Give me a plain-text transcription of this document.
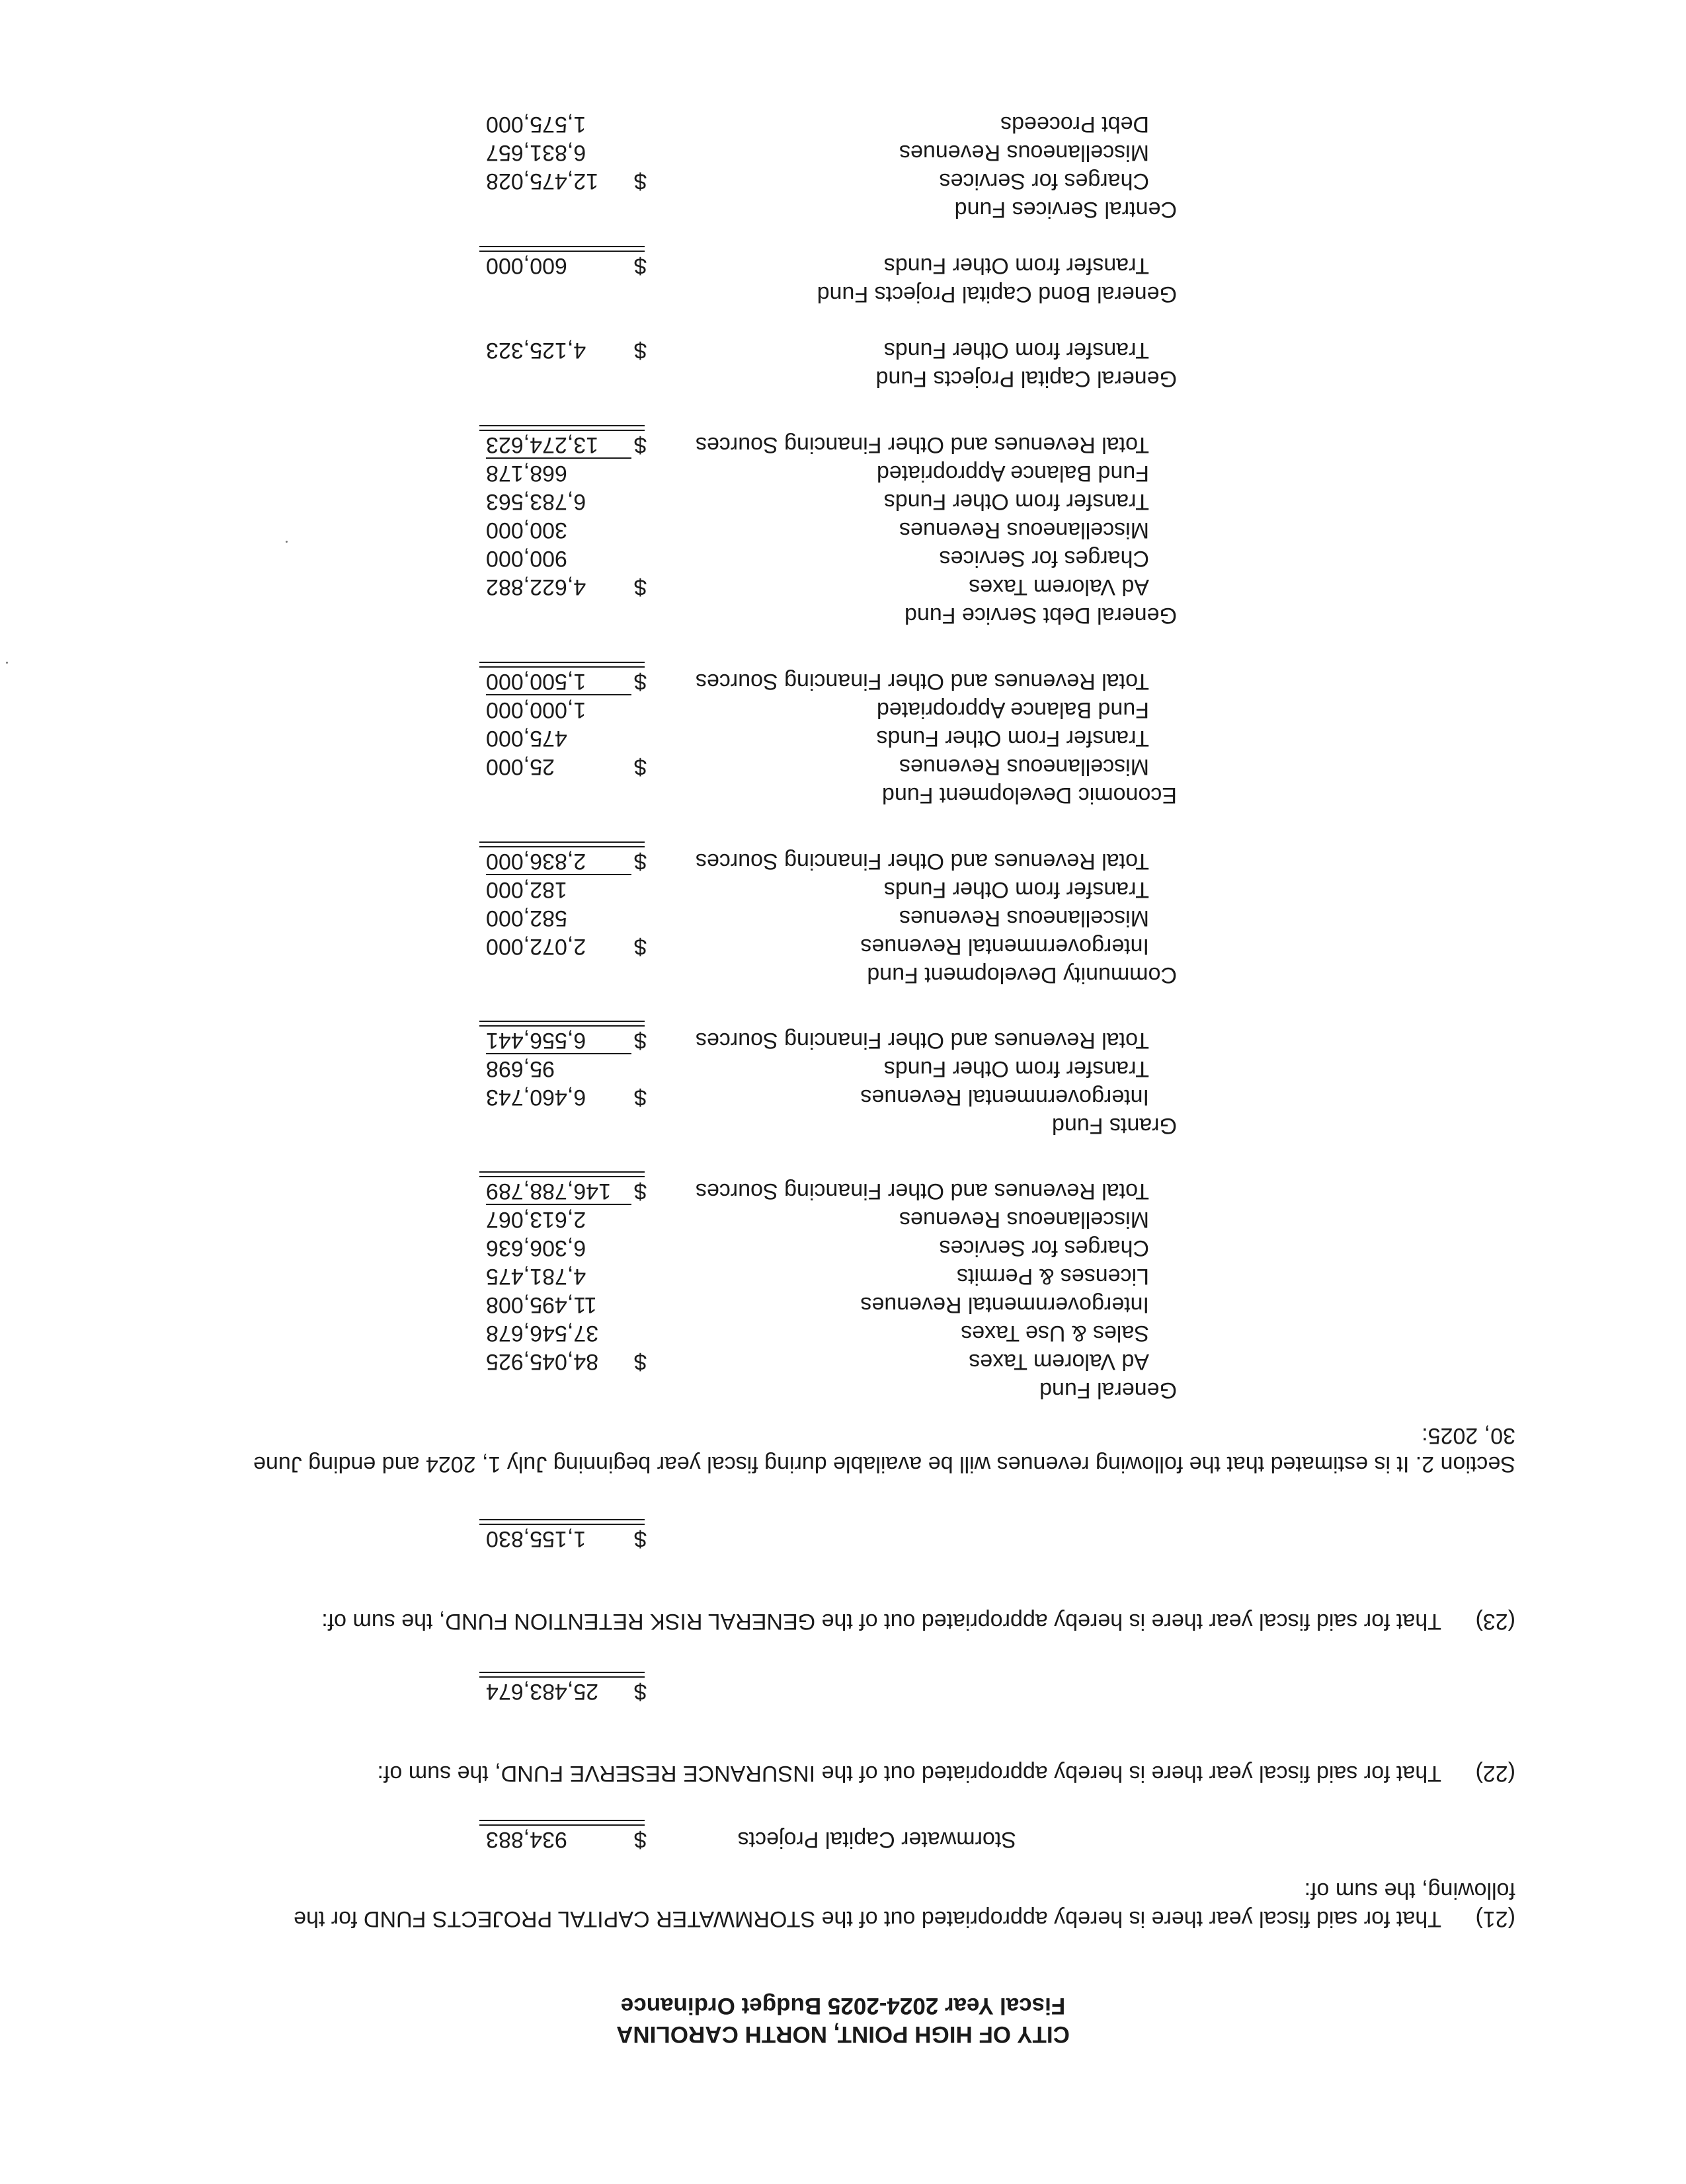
CITY OF HIGH POINT, NORTH CAROLINA
Fiscal Year 2024-2025 Budget Ordinance
(21)That for said fiscal year there is hereby appropriated out of the STORMWATER CAPITAL PROJECTS FUND for the following, the sum of:
Stormwater Capital Projects
$
934,883
(22)That for said fiscal year there is hereby appropriated out of the INSURANCE RESERVE FUND, the sum of:
$
25,483,674
(23)That for said fiscal year there is hereby appropriated out of the GENERAL RISK RETENTION FUND, the sum of:
$
1,155,830
Section 2. It is estimated that the following revenues will be available during fiscal year beginning July 1, 2024 and ending June 30, 2025:
General Fund
Ad Valorem Taxes
$
84,045,925
Sales & Use Taxes
37,546,678
Intergovernmental Revenues
11,495,008
Licenses & Permits
4,781,475
Charges for Services
6,306,636
Miscellaneous Revenues
2,613,067
Total Revenues and Other Financing Sources
$
146,788,789
Grants Fund
Intergovernmental Revenues
$
6,460,743
Transfer from Other Funds
95,698
Total Revenues and Other Financing Sources
$
6,556,441
Community Development Fund
Intergovernmental Revenues
$
2,072,000
Miscellaneous Revenues
582,000
Transfer from Other Funds
182,000
Total Revenues and Other Financing Sources
$
2,836,000
Economic Development Fund
Miscellaneous Revenues
$
25,000
Transfer From Other Funds
475,000
Fund Balance Appropriated
1,000,000
Total Revenues and Other Financing Sources
$
1,500,000
General Debt Service Fund
Ad Valorem Taxes
$
4,622,882
Charges for Services
900,000
Miscellaneous Revenues
300,000
Transfer from Other Funds
6,783,563
Fund Balance Appropriated
668,178
Total Revenues and Other Financing Sources
$
13,274,623
General Capital Projects Fund
Transfer from Other Funds
$
4,125,323
General Bond Capital Projects Fund
Transfer from Other Funds
$
600,000
Central Services Fund
Charges for Services
$
12,475,028
Miscellaneous Revenues
6,831,657
Debt Proceeds
1,575,000
